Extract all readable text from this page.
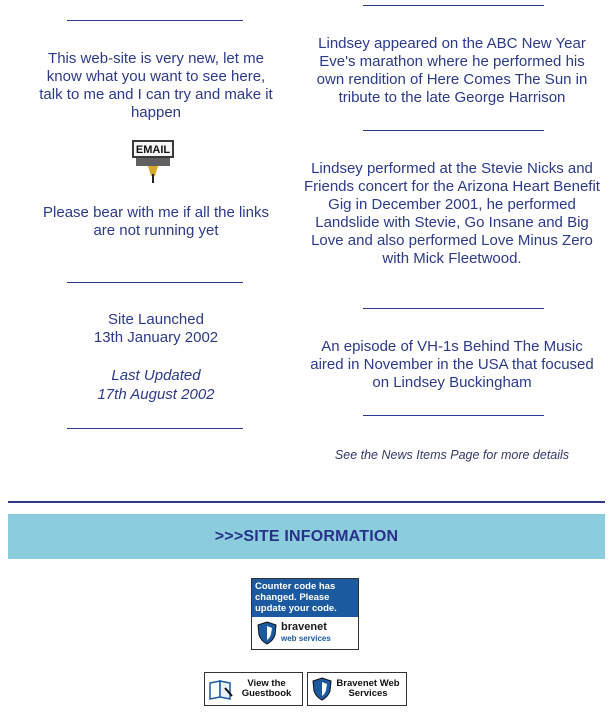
This web-site is very new, let me know what you want to see here, talk to me and I can try and make it happen
EMAIL
Please bear with me if all the links are not running yet
Site Launched
13th January 2002
Last Updated
17th August 2002
Lindsey appeared on the ABC New Year Eve's marathon where he performed his own rendition of Here Comes The Sun in tribute to the late George Harrison
Lindsey performed at the Stevie Nicks and Friends concert for the Arizona Heart Benefit Gig in December 2001, he performed Landslide with Stevie, Go Insane and Big Love and also performed Love Minus Zero with Mick Fleetwood.
An episode of VH-1s Behind The Music aired in November in the USA that focused on Lindsey Buckingham
See the News Items Page for more details
>>>SITE INFORMATION
Counter code has changed. Please update your code.
bravenet
web services
View the Guestbook
Bravenet Web Services
